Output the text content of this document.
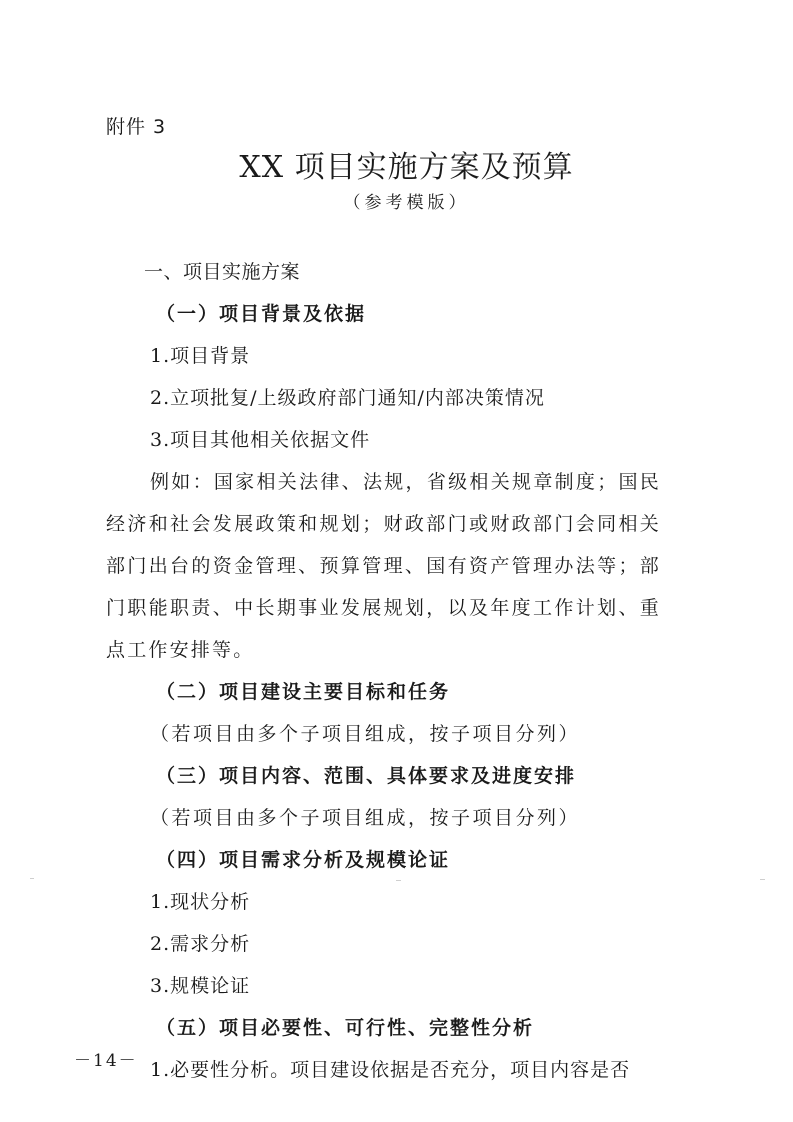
附件 3
XX 项目实施方案及预算
（参考模版）
一、项目实施方案
（一）项目背景及依据
1.项目背景
2.立项批复/上级政府部门通知/内部决策情况
3.项目其他相关依据文件
例如：国家相关法律、法规，省级相关规章制度；国民经济和社会发展政策和规划；财政部门或财政部门会同相关部门出台的资金管理、预算管理、国有资产管理办法等；部门职能职责、中长期事业发展规划，以及年度工作计划、重点工作安排等。
（二）项目建设主要目标和任务
（若项目由多个子项目组成，按子项目分列）
（三）项目内容、范围、具体要求及进度安排
（若项目由多个子项目组成，按子项目分列）
（四）项目需求分析及规模论证
1.现状分析
2.需求分析
3.规模论证
（五）项目必要性、可行性、完整性分析
1.必要性分析。项目建设依据是否充分，项目内容是否
－14－
